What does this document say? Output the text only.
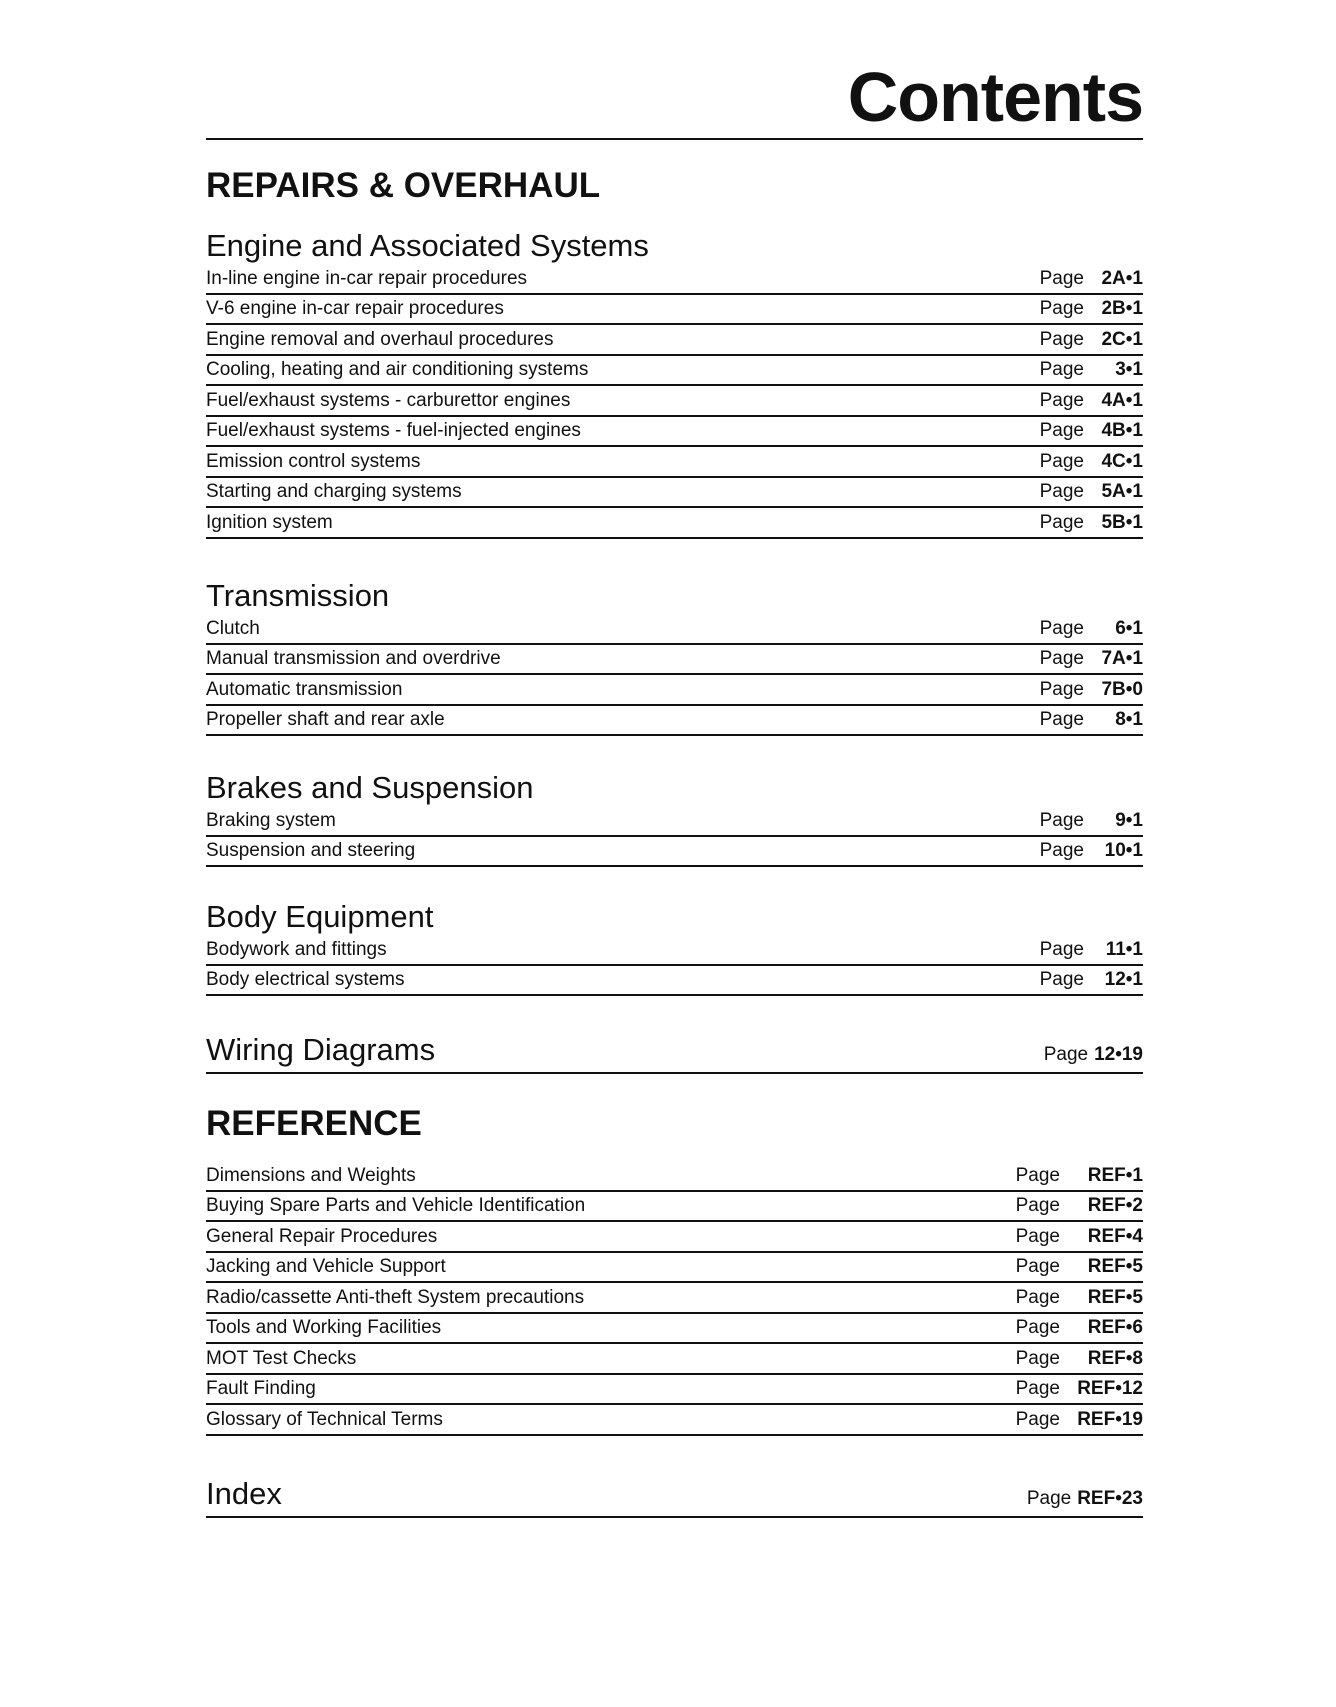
Contents
REPAIRS & OVERHAUL
Engine and Associated Systems
In-line engine in-car repair procedures	Page 2A•1
V-6 engine in-car repair procedures	Page 2B•1
Engine removal and overhaul procedures	Page 2C•1
Cooling, heating and air conditioning systems	Page	3•1
Fuel/exhaust systems - carburettor engines	Page 4A•1
Fuel/exhaust systems - fuel-injected engines	Page 4B•1
Emission control systems	Page 4C•1
Starting and charging systems	Page 5A•1
Ignition system	Page 5B•1
Transmission
Clutch	Page	6•1
Manual transmission and overdrive	Page 7A•1
Automatic transmission	Page 7B•0
Propeller shaft and rear axle	Page	8•1
Brakes and Suspension
Braking system	Page	9•1
Suspension and steering	Page	10•1
Body Equipment
Bodywork and fittings	Page	11•1
Body electrical systems	Page	12•1
Wiring Diagrams	Page 12•19
REFERENCE
Dimensions and Weights	Page	REF•1
Buying Spare Parts and Vehicle Identification	Page	REF•2
General Repair Procedures	Page	REF•4
Jacking and Vehicle Support	Page	REF•5
Radio/cassette Anti-theft System precautions	Page	REF•5
Tools and Working Facilities	Page	REF•6
MOT Test Checks	Page	REF•8
Fault Finding	Page REF•12
Glossary of Technical Terms	Page REF•19
Index	Page REF•23
